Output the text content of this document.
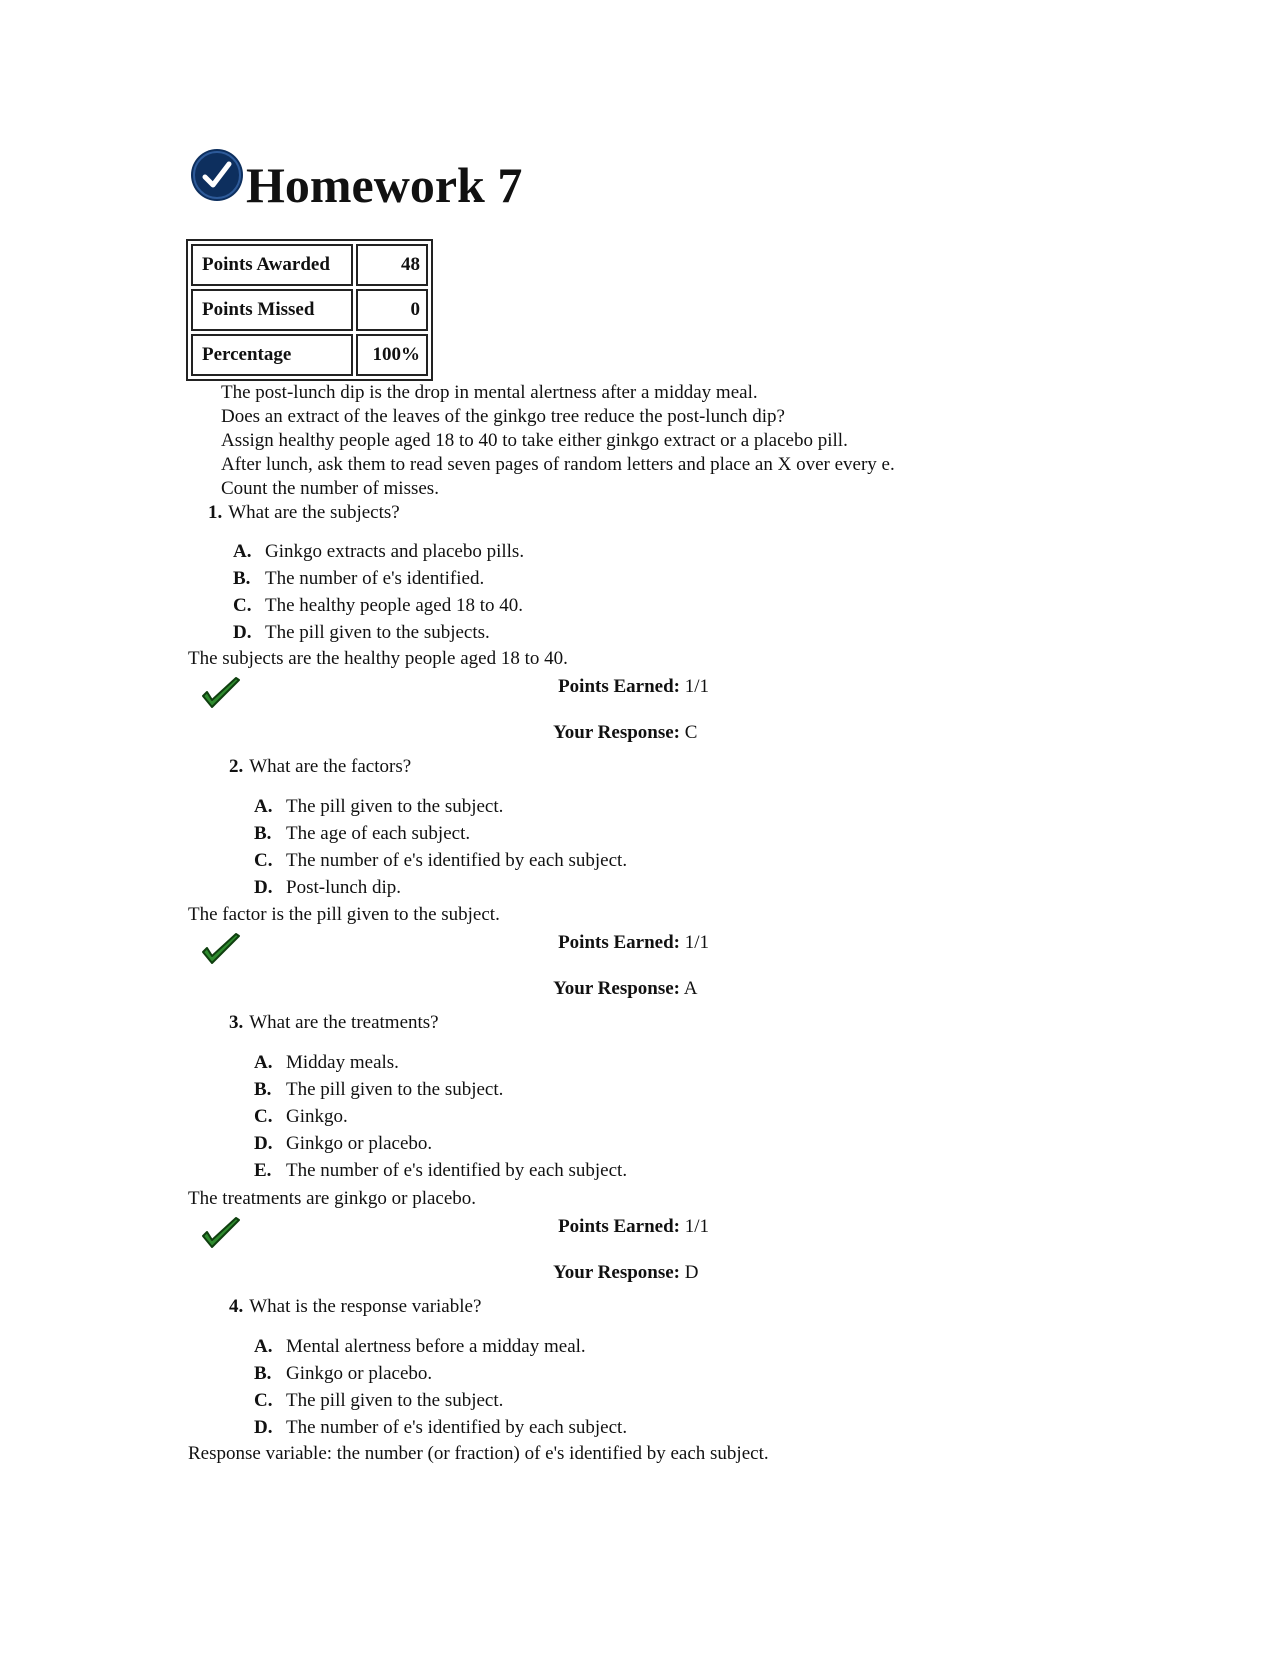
Homework 7
Points Awarded	48
Points Missed	0
Percentage	100%

The post-lunch dip is the drop in mental alertness after a midday meal.

Does an extract of the leaves of the ginkgo tree reduce the post-lunch dip?

Assign healthy people aged 18 to 40 to take either ginkgo extract or a placebo pill.

After lunch, ask them to read seven pages of random letters and place an X over every e.

Count the number of misses.

1. What are the subjects?
A. Ginkgo extracts and placebo pills.
B. The number of e's identified.
C. The healthy people aged 18 to 40.
D. The pill given to the subjects.
The subjects are the healthy people aged 18 to 40.
Points Earned: 1/1
Your Response: C
2. What are the factors?
A. The pill given to the subject.
B. The age of each subject.
C. The number of e's identified by each subject.
D. Post-lunch dip.
The factor is the pill given to the subject.
Points Earned: 1/1
Your Response: A
3. What are the treatments?
A. Midday meals.
B. The pill given to the subject.
C. Ginkgo.
D. Ginkgo or placebo.
E. The number of e's identified by each subject.
The treatments are ginkgo or placebo.
Points Earned: 1/1
Your Response: D
4. What is the response variable?
A. Mental alertness before a midday meal.
B. Ginkgo or placebo.
C. The pill given to the subject.
D. The number of e's identified by each subject.
Response variable: the number (or fraction) of e's identified by each subject.
